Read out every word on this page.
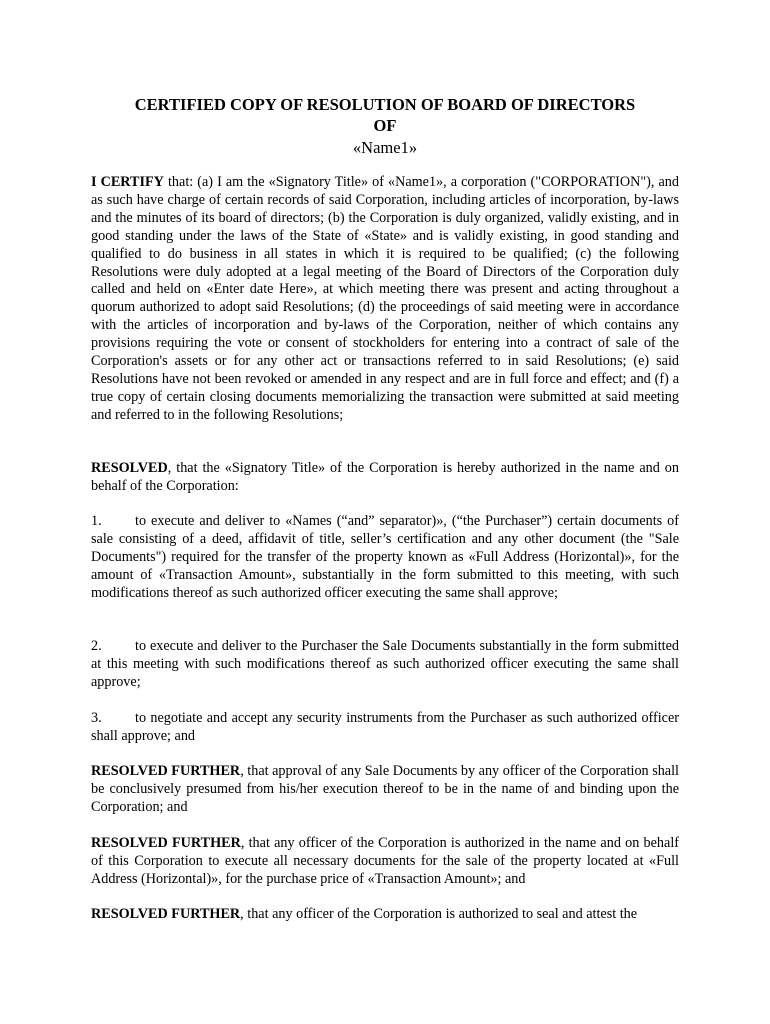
CERTIFIED COPY OF RESOLUTION OF BOARD OF DIRECTORS
OF
«Name1»

I CERTIFY that: (a) I am the «Signatory Title» of «Name1», a corporation ("CORPORATION"), and as such have charge of certain records of said Corporation, including articles of incorporation, by-laws and the minutes of its board of directors; (b) the Corporation is duly organized, validly existing, and in good standing under the laws of the State of «State» and is validly existing, in good standing and qualified to do business in all states in which it is required to be qualified; (c) the following Resolutions were duly adopted at a legal meeting of the Board of Directors of the Corporation duly called and held on «Enter date Here», at which meeting there was present and acting throughout a quorum authorized to adopt said Resolutions; (d) the proceedings of said meeting were in accordance with the articles of incorporation and by-laws of the Corporation, neither of which contains any provisions requiring the vote or consent of stockholders for entering into a contract of sale of the Corporation's assets or for any other act or transactions referred to in said Resolutions; (e) said Resolutions have not been revoked or amended in any respect and are in full force and effect; and (f) a true copy of certain closing documents memorializing the transaction were submitted at said meeting and referred to in the following Resolutions;

RESOLVED, that the «Signatory Title» of the Corporation is hereby authorized in the name and on behalf of the Corporation:

1. to execute and deliver to «Names (“and” separator)», (“the Purchaser”) certain documents of sale consisting of a deed, affidavit of title, seller’s certification and any other document (the "Sale Documents") required for the transfer of the property known as «Full Address (Horizontal)», for the amount of «Transaction Amount», substantially in the form submitted to this meeting, with such modifications thereof as such authorized officer executing the same shall approve;

2. to execute and deliver to the Purchaser the Sale Documents substantially in the form submitted at this meeting with such modifications thereof as such authorized officer executing the same shall approve;

3. to negotiate and accept any security instruments from the Purchaser as such authorized officer shall approve; and

RESOLVED FURTHER, that approval of any Sale Documents by any officer of the Corporation shall be conclusively presumed from his/her execution thereof to be in the name of and binding upon the Corporation; and

RESOLVED FURTHER, that any officer of the Corporation is authorized in the name and on behalf of this Corporation to execute all necessary documents for the sale of the property located at «Full Address (Horizontal)», for the purchase price of «Transaction Amount»; and

RESOLVED FURTHER, that any officer of the Corporation is authorized to seal and attest the
